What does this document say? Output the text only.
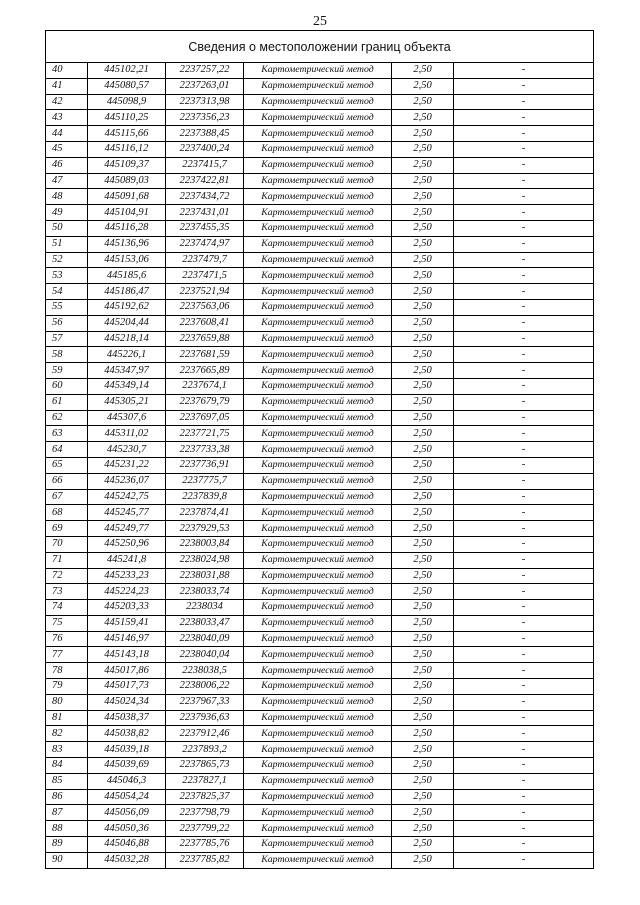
25
Сведения о местоположении границ объекта					
40	445102,21	2237257,22	Картометрический метод	2,50	-
41	445080,57	2237263,01	Картометрический метод	2,50	-
42	445098,9	2237313,98	Картометрический метод	2,50	-
43	445110,25	2237356,23	Картометрический метод	2,50	-
44	445115,66	2237388,45	Картометрический метод	2,50	-
45	445116,12	2237400,24	Картометрический метод	2,50	-
46	445109,37	2237415,7	Картометрический метод	2,50	-
47	445089,03	2237422,81	Картометрический метод	2,50	-
48	445091,68	2237434,72	Картометрический метод	2,50	-
49	445104,91	2237431,01	Картометрический метод	2,50	-
50	445116,28	2237455,35	Картометрический метод	2,50	-
51	445136,96	2237474,97	Картометрический метод	2,50	-
52	445153,06	2237479,7	Картометрический метод	2,50	-
53	445185,6	2237471,5	Картометрический метод	2,50	-
54	445186,47	2237521,94	Картометрический метод	2,50	-
55	445192,62	2237563,06	Картометрический метод	2,50	-
56	445204,44	2237608,41	Картометрический метод	2,50	-
57	445218,14	2237659,88	Картометрический метод	2,50	-
58	445226,1	2237681,59	Картометрический метод	2,50	-
59	445347,97	2237665,89	Картометрический метод	2,50	-
60	445349,14	2237674,1	Картометрический метод	2,50	-
61	445305,21	2237679,79	Картометрический метод	2,50	-
62	445307,6	2237697,05	Картометрический метод	2,50	-
63	445311,02	2237721,75	Картометрический метод	2,50	-
64	445230,7	2237733,38	Картометрический метод	2,50	-
65	445231,22	2237736,91	Картометрический метод	2,50	-
66	445236,07	2237775,7	Картометрический метод	2,50	-
67	445242,75	2237839,8	Картометрический метод	2,50	-
68	445245,77	2237874,41	Картометрический метод	2,50	-
69	445249,77	2237929,53	Картометрический метод	2,50	-
70	445250,96	2238003,84	Картометрический метод	2,50	-
71	445241,8	2238024,98	Картометрический метод	2,50	-
72	445233,23	2238031,88	Картометрический метод	2,50	-
73	445224,23	2238033,74	Картометрический метод	2,50	-
74	445203,33	2238034	Картометрический метод	2,50	-
75	445159,41	2238033,47	Картометрический метод	2,50	-
76	445146,97	2238040,09	Картометрический метод	2,50	-
77	445143,18	2238040,04	Картометрический метод	2,50	-
78	445017,86	2238038,5	Картометрический метод	2,50	-
79	445017,73	2238006,22	Картометрический метод	2,50	-
80	445024,34	2237967,33	Картометрический метод	2,50	-
81	445038,37	2237936,63	Картометрический метод	2,50	-
82	445038,82	2237912,46	Картометрический метод	2,50	-
83	445039,18	2237893,2	Картометрический метод	2,50	-
84	445039,69	2237865,73	Картометрический метод	2,50	-
85	445046,3	2237827,1	Картометрический метод	2,50	-
86	445054,24	2237825,37	Картометрический метод	2,50	-
87	445056,09	2237798,79	Картометрический метод	2,50	-
88	445050,36	2237799,22	Картометрический метод	2,50	-
89	445046,88	2237785,76	Картометрический метод	2,50	-
90	445032,28	2237785,82	Картометрический метод	2,50	-
